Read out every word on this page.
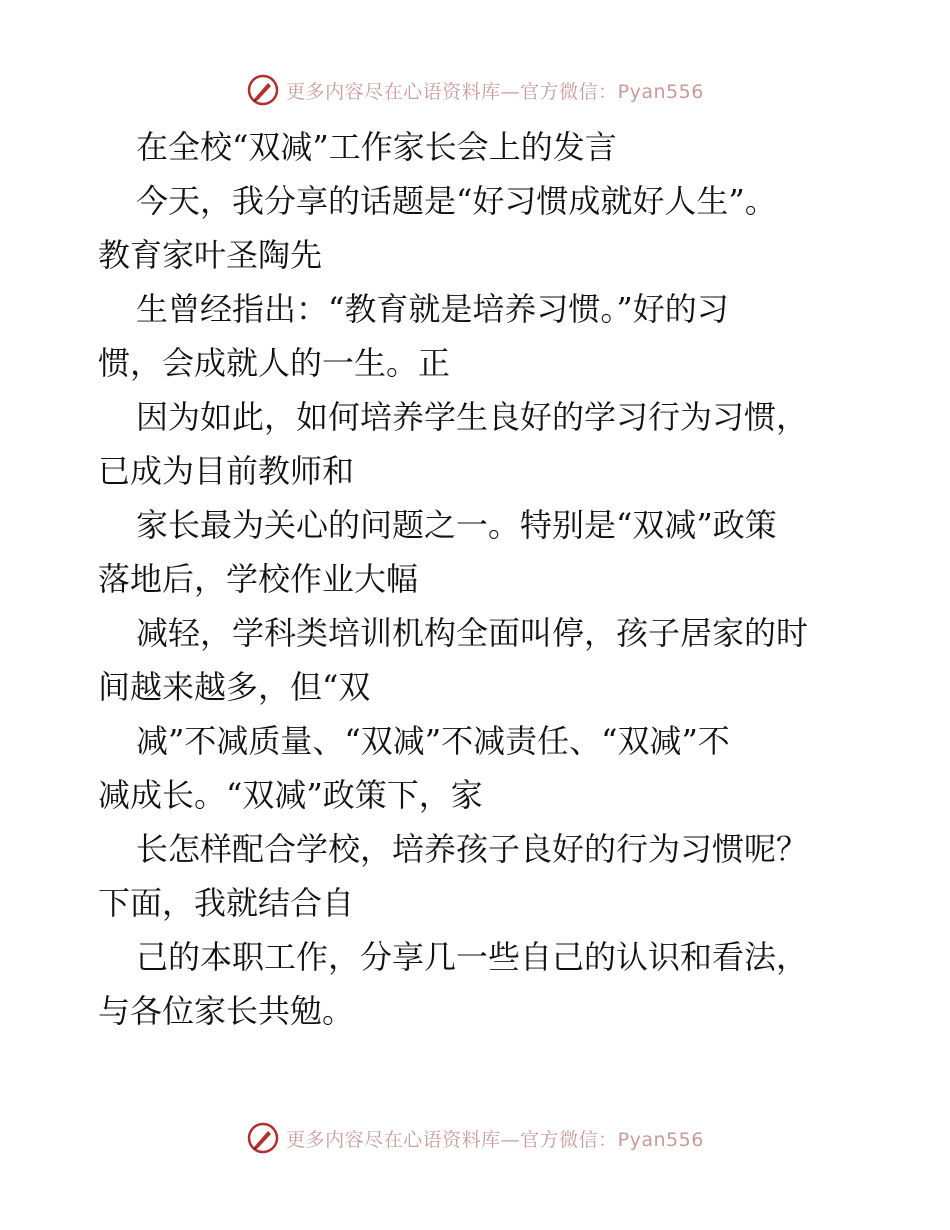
更多内容尽在心语资料库—官方微信：Pyan556

在全校“双减”工作家长会上的发言

今天，我分享的话题是“好习惯成就好人生”。
教育家叶圣陶先

生曾经指出：“教育就是培养习惯。”好的习
惯，会成就人的一生。正

因为如此，如何培养学生良好的学习行为习惯，
已成为目前教师和

家长最为关心的问题之一。特别是“双减”政策
落地后，学校作业大幅

减轻，学科类培训机构全面叫停，孩子居家的时
间越来越多，但“双

减”不减质量、“双减”不减责任、“双减”不
减成长。“双减”政策下，家

长怎样配合学校，培养孩子良好的行为习惯呢？
下面，我就结合自

己的本职工作，分享几一些自己的认识和看法，
与各位家长共勉。

更多内容尽在心语资料库—官方微信：Pyan556
